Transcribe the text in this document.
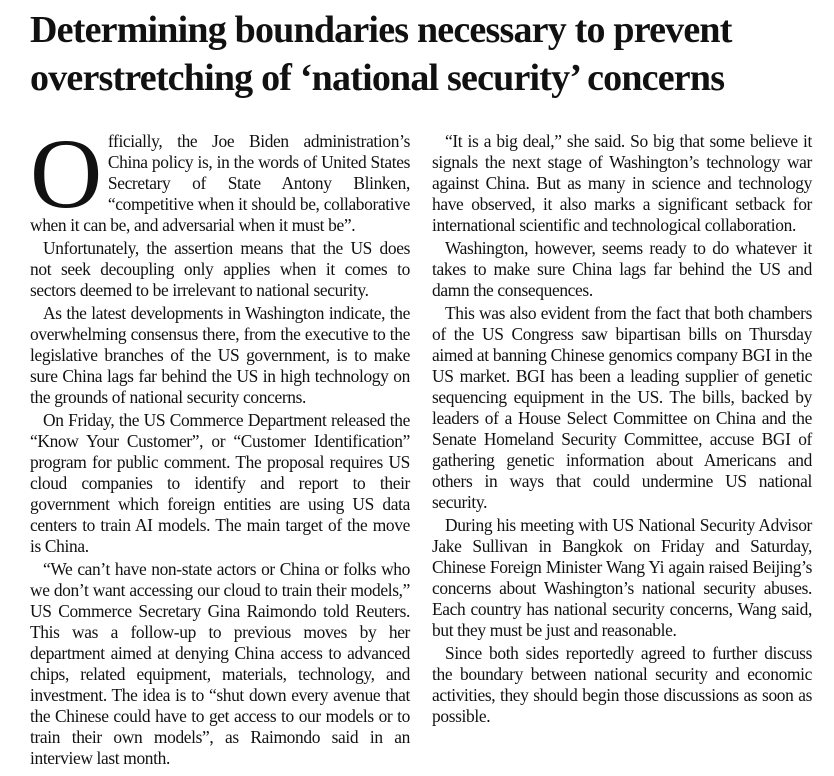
Determining boundaries necessary to prevent
overstretching of ‘national security’ concerns

Officially, the Joe Biden administration’s China policy is, in the words of United States Secretary of State Antony Blinken, “competitive when it should be, collaborative when it can be, and adversarial when it must be”.

Unfortunately, the assertion means that the US does not seek decoupling only applies when it comes to sectors deemed to be irrelevant to national security.

As the latest developments in Washington indicate, the overwhelming consensus there, from the executive to the legislative branches of the US government, is to make sure China lags far behind the US in high technology on the grounds of national security concerns.

On Friday, the US Commerce Department released the “Know Your Customer”, or “Customer Identification” program for public comment. The proposal requires US cloud companies to identify and report to their government which foreign entities are using US data centers to train AI models. The main target of the move is China.

“We can’t have non-state actors or China or folks who we don’t want accessing our cloud to train their models,” US Commerce Secretary Gina Raimondo told Reuters. This was a follow-up to previous moves by her department aimed at denying China access to advanced chips, related equipment, materials, technology, and investment. The idea is to “shut down every avenue that the Chinese could have to get access to our models or to train their own models”, as Raimondo said in an interview last month.

“It is a big deal,” she said. So big that some believe it signals the next stage of Washington’s technology war against China. But as many in science and technology have observed, it also marks a significant setback for international scientific and technological collaboration.

Washington, however, seems ready to do whatever it takes to make sure China lags far behind the US and damn the consequences.

This was also evident from the fact that both chambers of the US Congress saw bipartisan bills on Thursday aimed at banning Chinese genomics company BGI in the US market. BGI has been a leading supplier of genetic sequencing equipment in the US. The bills, backed by leaders of a House Select Committee on China and the Senate Homeland Security Committee, accuse BGI of gathering genetic information about Americans and others in ways that could undermine US national security.

During his meeting with US National Security Advisor Jake Sullivan in Bangkok on Friday and Saturday, Chinese Foreign Minister Wang Yi again raised Beijing’s concerns about Washington’s national security abuses. Each country has national security concerns, Wang said, but they must be just and reasonable.

Since both sides reportedly agreed to further discuss the boundary between national security and economic activities, they should begin those discussions as soon as possible.
